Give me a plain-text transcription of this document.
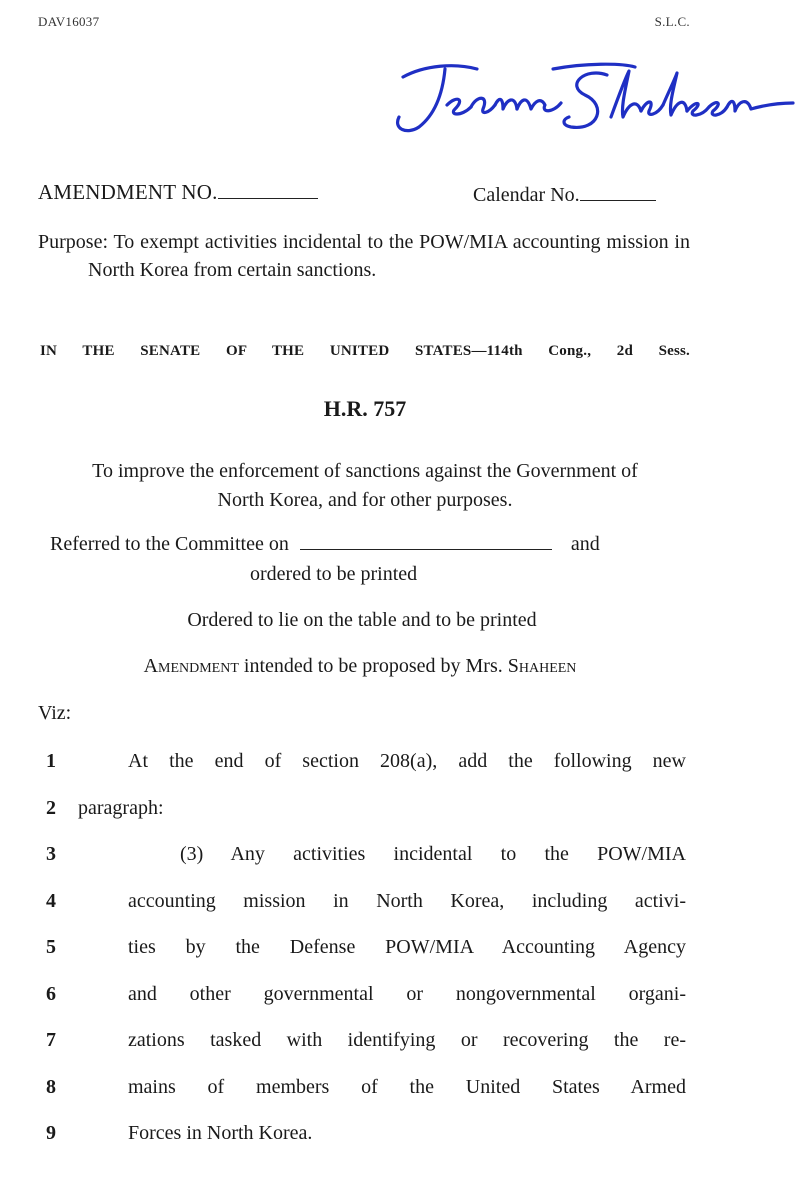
DAV16037	S.L.C.
AMENDMENT NO.	Calendar No.
Purpose: To exempt activities incidental to the POW/MIA accounting mission in North Korea from certain sanctions.
IN THE SENATE OF THE UNITED STATES—114th Cong., 2d Sess.
H.R. 757
To improve the enforcement of sanctions against the Government of North Korea, and for other purposes.
Referred to the Committee on	and
ordered to be printed
Ordered to lie on the table and to be printed
Amendment intended to be proposed by Mrs. Shaheen
Viz:
1	At the end of section 208(a), add the following new
2 paragraph:
3	(3) Any activities incidental to the POW/MIA
4	accounting mission in North Korea, including activi-
5	ties by the Defense POW/MIA Accounting Agency
6	and other governmental or nongovernmental organi-
7	zations tasked with identifying or recovering the re-
8	mains of members of the United States Armed
9	Forces in North Korea.
